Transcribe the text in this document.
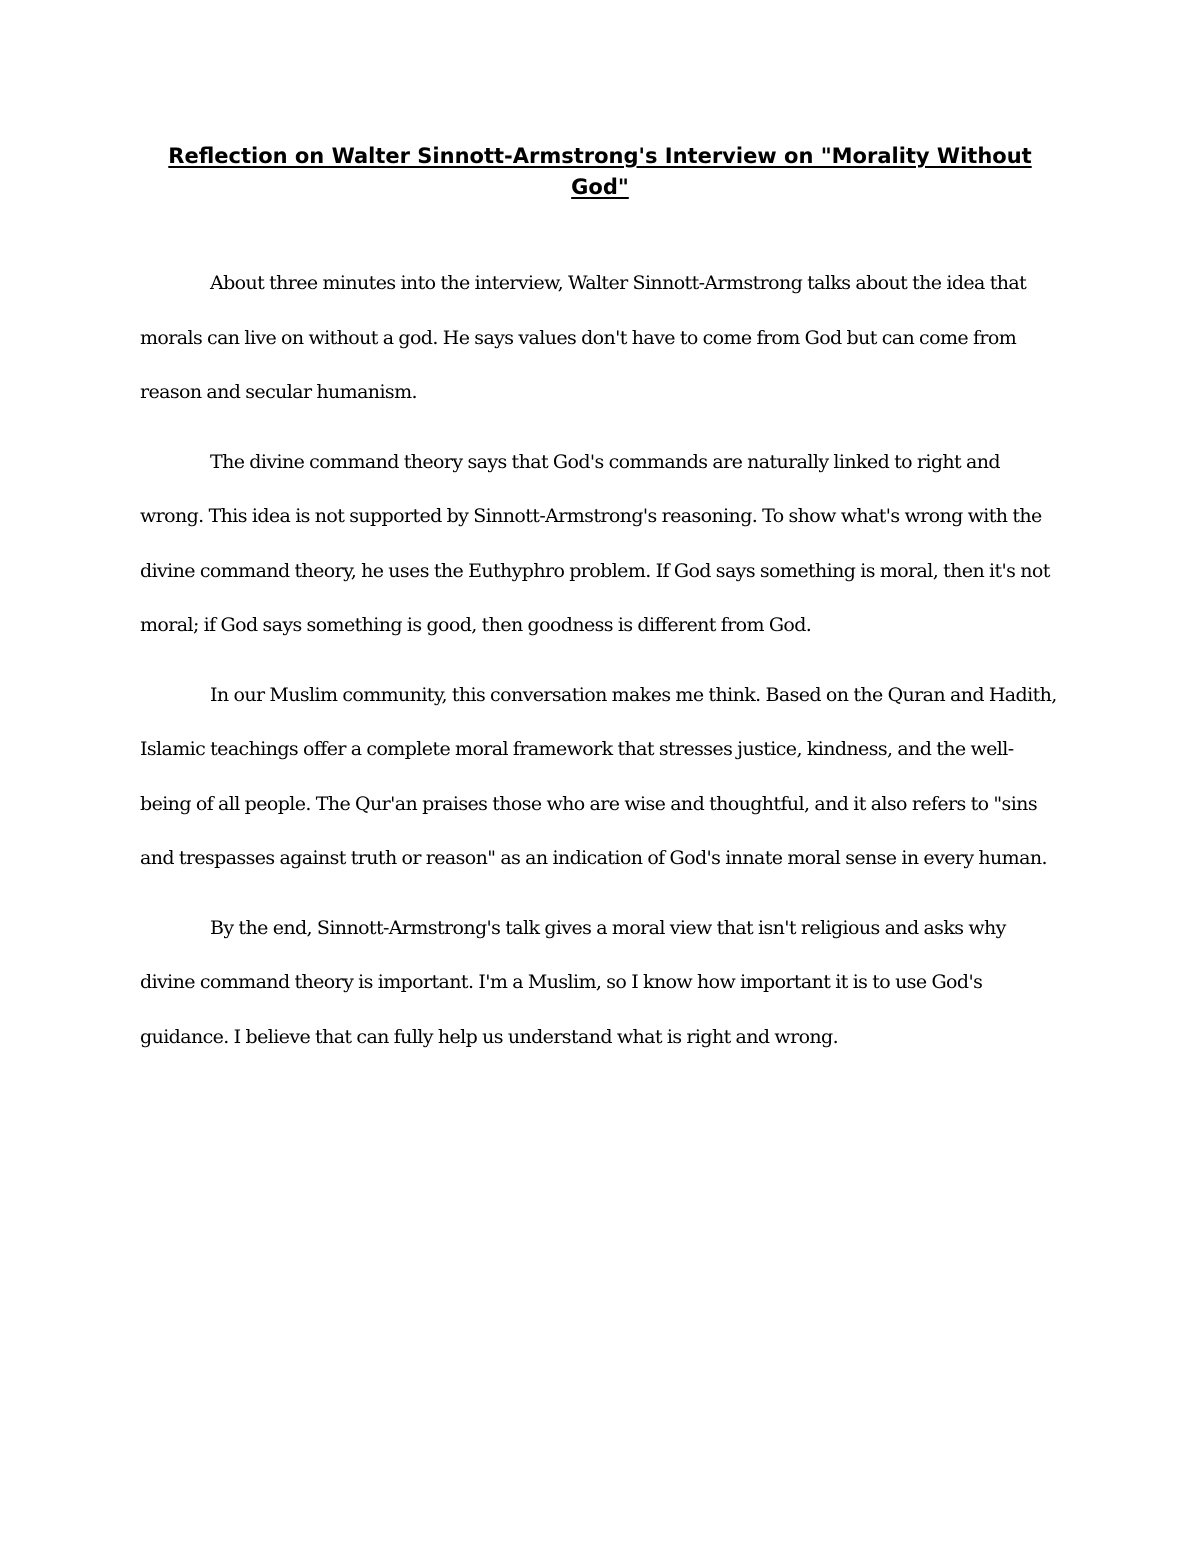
Reflection on Walter Sinnott-Armstrong's Interview on "Morality Without God"

About three minutes into the interview, Walter Sinnott-Armstrong talks about the idea that morals can live on without a god. He says values don't have to come from God but can come from reason and secular humanism.

The divine command theory says that God's commands are naturally linked to right and wrong. This idea is not supported by Sinnott-Armstrong's reasoning. To show what's wrong with the divine command theory, he uses the Euthyphro problem. If God says something is moral, then it's not moral; if God says something is good, then goodness is different from God.

In our Muslim community, this conversation makes me think. Based on the Quran and Hadith, Islamic teachings offer a complete moral framework that stresses justice, kindness, and the well-being of all people. The Qur'an praises those who are wise and thoughtful, and it also refers to "sins and trespasses against truth or reason" as an indication of God's innate moral sense in every human.

By the end, Sinnott-Armstrong's talk gives a moral view that isn't religious and asks why divine command theory is important. I'm a Muslim, so I know how important it is to use God's guidance. I believe that can fully help us understand what is right and wrong.
